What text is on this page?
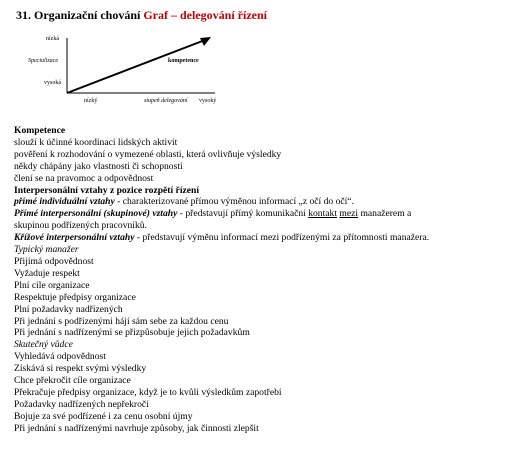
31. Organizační chování Graf – delegování řízení
nízká
Specializace
vysoká
nízký	stupeň delegování vysoký
kompetence
Kompetence
slouží k účinné koordinaci lidských aktivit
pověření k rozhodování o vymezené oblasti, která ovlivňuje výsledky
někdy chápány jako vlastnosti či schopnosti
člení se na pravomoc a odpovědnost
Interpersonální vztahy z pozice rozpětí řízení
přímé individuální vztahy - charakterizované přímou výměnou informací „z očí do očí“.
Přímé interpersonální (skupinové) vztahy - představují přímý komunikační kontakt mezi manažerem a
skupinou podřízených pracovníků.
Křížové interpersonální vztahy - představují výměnu informací mezi podřízenými za přítomnosti manažera.
Typický manažer
Přijímá odpovědnost
Vyžaduje respekt
Plní cíle organizace
Respektuje předpisy organizace
Plní požadavky nadřízených
Při jednání s podřízenými hájí sám sebe za každou cenu
Při jednání s nadřízenými se přizpůsobuje jejich požadavkům
Skutečný vůdce
Vyhledává odpovědnost
Získává si respekt svými výsledky
Chce překročit cíle organizace
Překračuje předpisy organizace, když je to kvůli výsledkům zapotřebí
Požadavky nadřízených nepřekročí
Bojuje za své podřízené i za cenu osobní újmy
Při jednání s nadřízenými navrhuje způsoby, jak činnosti zlepšit
